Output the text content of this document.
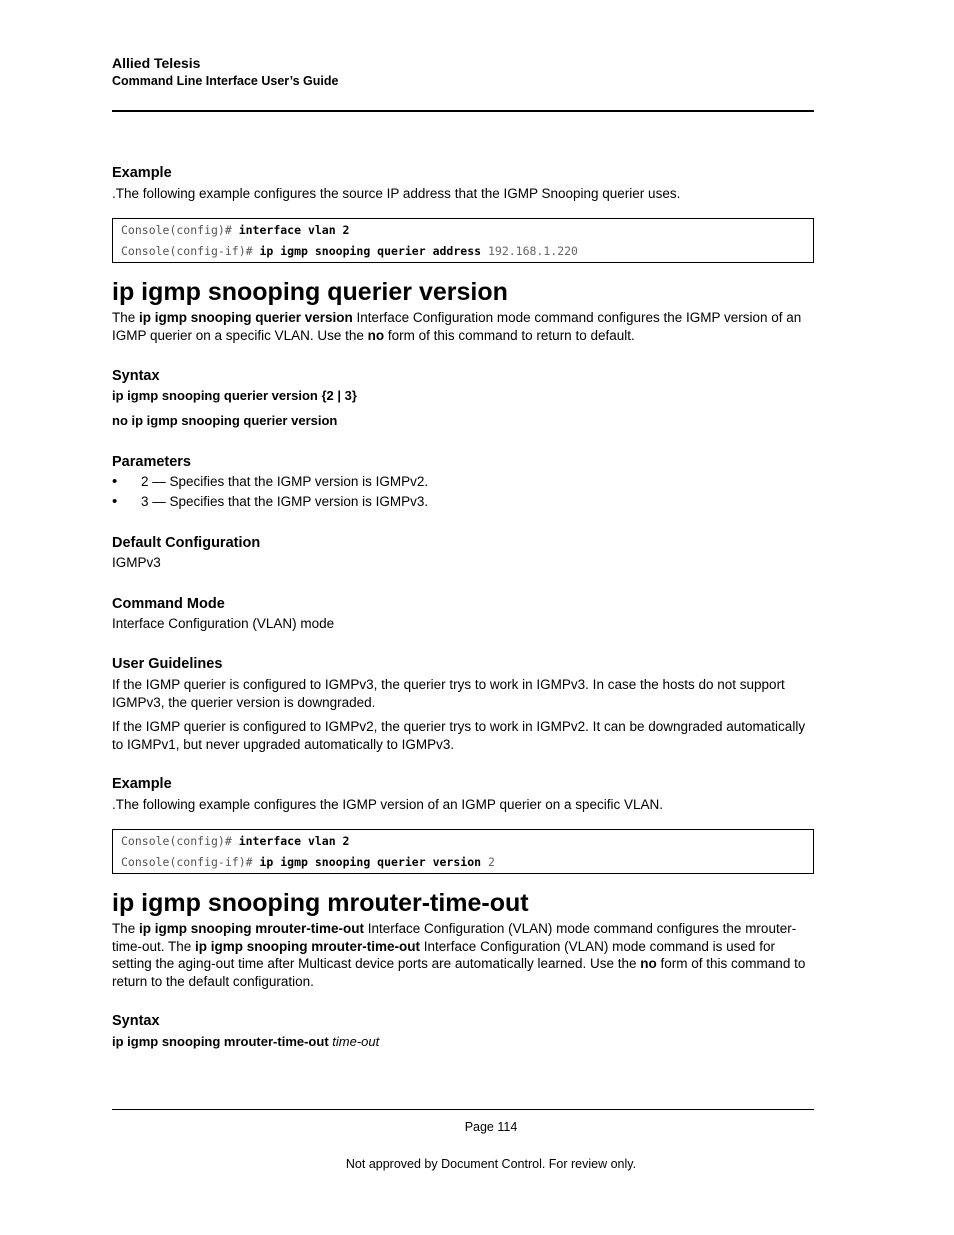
Allied Telesis
Command Line Interface User’s Guide
Example
.The following example configures the source IP address that the IGMP Snooping querier uses.
Console(config)# interface vlan 2
Console(config-if)# ip igmp snooping querier address 192.168.1.220
ip igmp snooping querier version
The ip igmp snooping querier version Interface Configuration mode command configures the IGMP version of an IGMP querier on a specific VLAN. Use the no form of this command to return to default.
Syntax
ip igmp snooping querier version {2 | 3}
no ip igmp snooping querier version
Parameters
• 2 — Specifies that the IGMP version is IGMPv2.
• 3 — Specifies that the IGMP version is IGMPv3.
Default Configuration
IGMPv3
Command Mode
Interface Configuration (VLAN) mode
User Guidelines
If the IGMP querier is configured to IGMPv3, the querier trys to work in IGMPv3. In case the hosts do not support IGMPv3, the querier version is downgraded.
If the IGMP querier is configured to IGMPv2, the querier trys to work in IGMPv2. It can be downgraded automatically to IGMPv1, but never upgraded automatically to IGMPv3.
Example
.The following example configures the IGMP version of an IGMP querier on a specific VLAN.
Console(config)# interface vlan 2
Console(config-if)# ip igmp snooping querier version 2
ip igmp snooping mrouter-time-out
The ip igmp snooping mrouter-time-out Interface Configuration (VLAN) mode command configures the mrouter-time-out. The ip igmp snooping mrouter-time-out Interface Configuration (VLAN) mode command is used for setting the aging-out time after Multicast device ports are automatically learned. Use the no form of this command to return to the default configuration.
Syntax
ip igmp snooping mrouter-time-out time-out
Page 114
Not approved by Document Control. For review only.
